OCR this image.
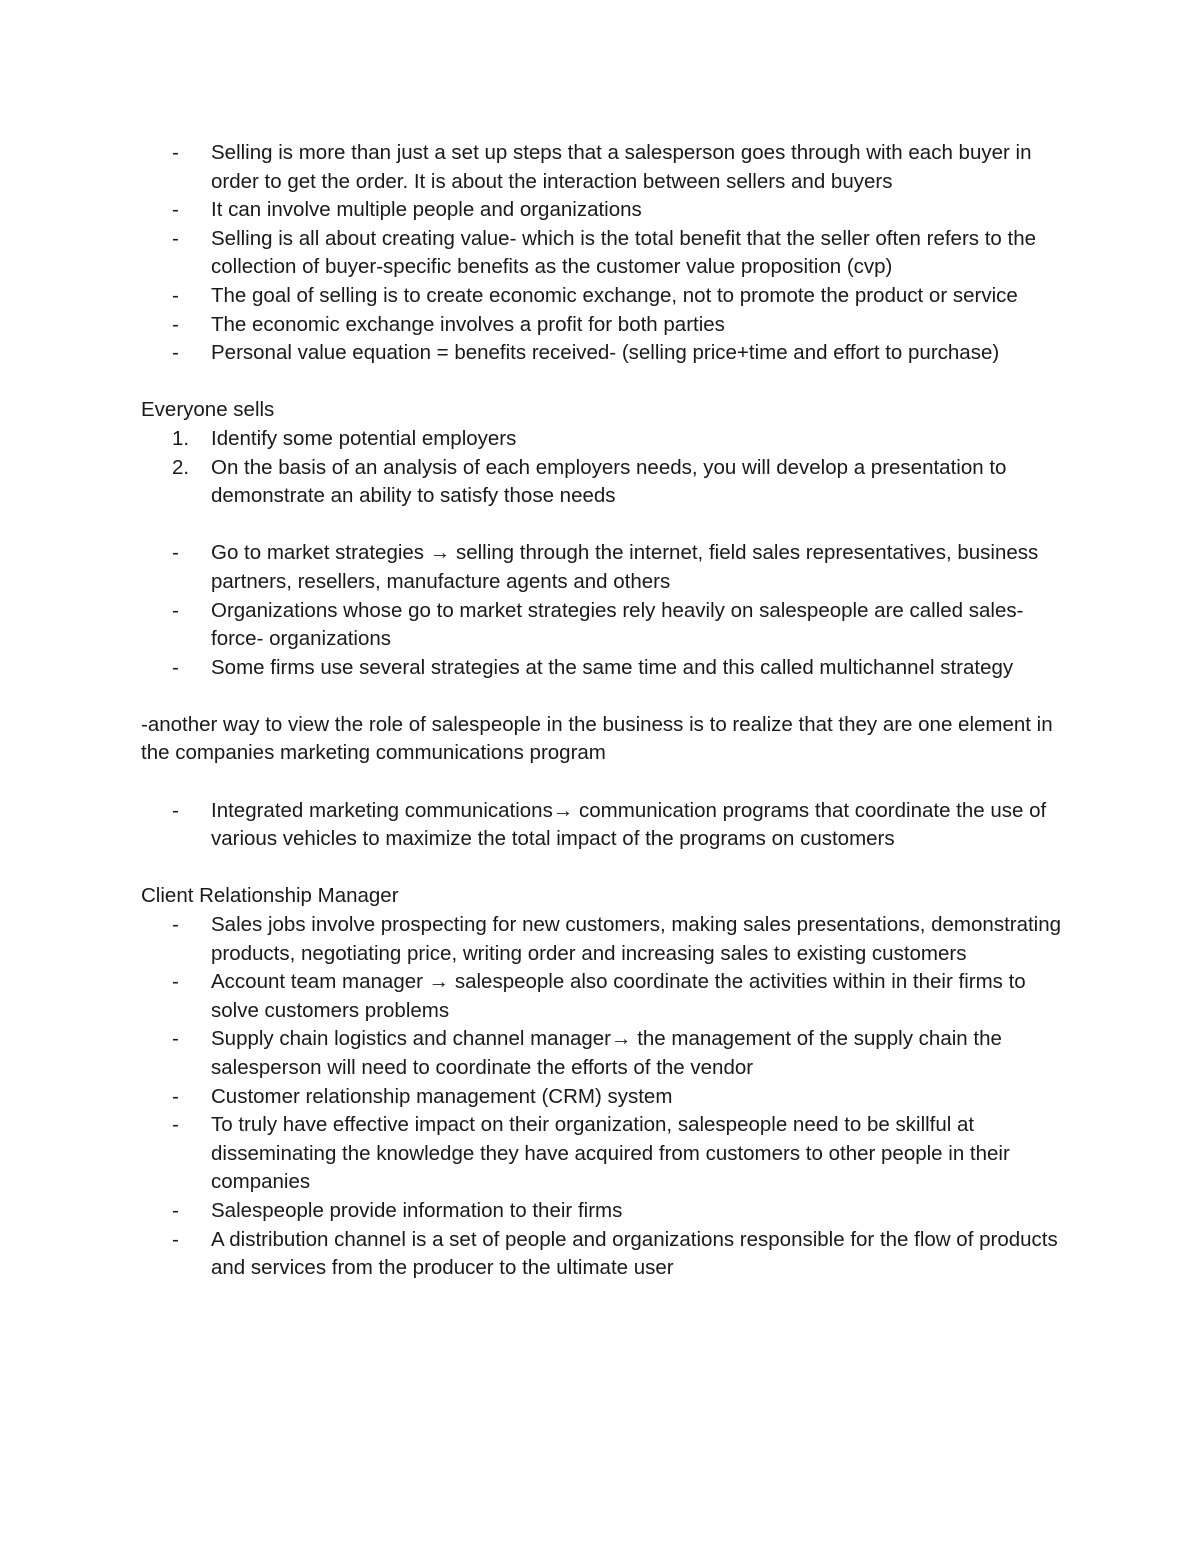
-	Selling is more than just a set up steps that a salesperson goes through with each buyer in order to get the order. It is about the interaction between sellers and buyers
-	It can involve multiple people and organizations
-	Selling is all about creating value- which is the total benefit that the seller often refers to the collection of buyer-specific benefits as the customer value proposition (cvp)
-	The goal of selling is to create economic exchange, not to promote the product or service
-	The economic exchange involves a profit for both parties
-	Personal value equation = benefits received- (selling price+time and effort to purchase)

Everyone sells

1.	Identify some potential employers
2.	On the basis of an analysis of each employers needs, you will develop a presentation to demonstrate an ability to satisfy those needs
-	Go to market strategies → selling through the internet, field sales representatives, business partners, resellers, manufacture agents and others
-	Organizations whose go to market strategies rely heavily on salespeople are called sales-force- organizations
-	Some firms use several strategies at the same time and this called multichannel strategy

-another way to view the role of salespeople in the business is to realize that they are one element in the companies marketing communications program

-	Integrated marketing communications→ communication programs that coordinate the use of various vehicles to maximize the total impact of the programs on customers

Client Relationship Manager

-	Sales jobs involve prospecting for new customers, making sales presentations, demonstrating products, negotiating price, writing order and increasing sales to existing customers
-	Account team manager → salespeople also coordinate the activities within in their firms to solve customers problems
-	Supply chain logistics and channel manager→ the management of the supply chain the salesperson will need to coordinate the efforts of the vendor
-	Customer relationship management (CRM) system
-	To truly have effective impact on their organization, salespeople need to be skillful at disseminating the knowledge they have acquired from customers to other people in their companies
-	Salespeople provide information to their firms
-	A distribution channel is a set of people and organizations responsible for the flow of products and services from the producer to the ultimate user
